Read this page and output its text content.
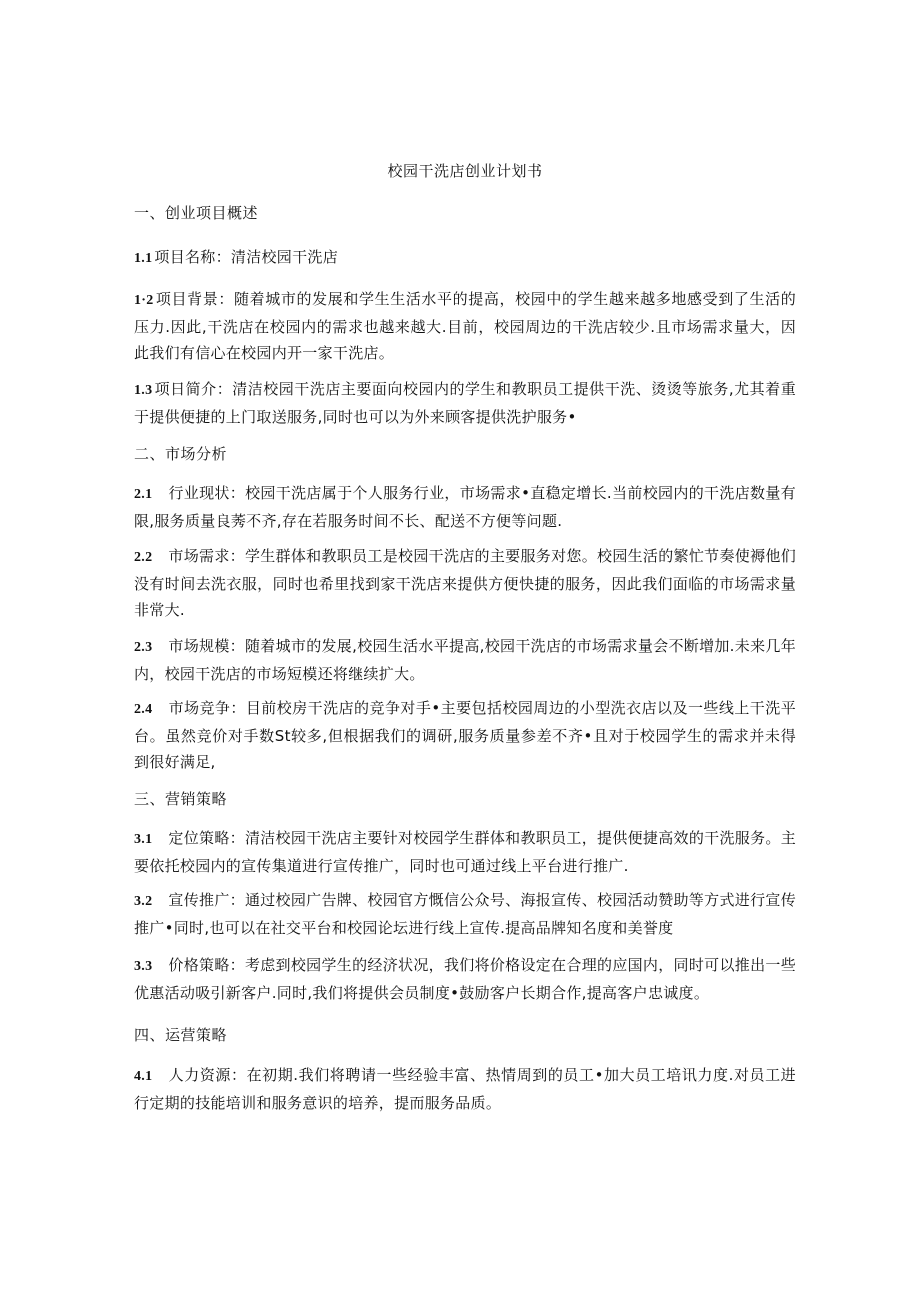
校园干洗店创业计划书
一、创业项目概述
1.1 项目名称：清洁校园干洗店
1·2 项目背景：随着城市的发展和学生生活水平的提高，校园中的学生越来越多地感受到了生活的压力.因此,干洗店在校园内的需求也越来越大.目前，校园周边的干洗店较少.且市场需求量大，因此我们有信心在校园内开一家干洗店。
1.3 项日简介：清洁校园干洗店主要面向校园内的学生和教职员工提供干洗、烫烫等旅务,尤其着重于提供便捷的上门取送服务,同时也可以为外来顾客提供洗护服务•
二、市场分析
2.1 行业现状：校园干洗店属于个人服务行业，市场需求•直稳定增长.当前校园内的干洗店数量有限,服务质量良莠不齐,存在若服务时间不长、配送不方便等问题.
2.2 市场需求：学生群体和教职员工是校园干洗店的主要服务对您。校园生活的繁忙节奏使褥他们没有时间去洗衣服，同时也希里找到家干洗店来提供方便快捷的服务，因此我们面临的市场需求量非常大.
2.3 市场规模：随着城市的发展,校园生活水平提高,校园干洗店的市场需求量会不断增加.未来几年内，校园干洗店的市场短模还将继续扩大。
2.4 市场竞争：目前校房干洗店的竞争对手•主要包括校园周边的小型洗衣店以及一些线上干洗平台。虽然竞价对手数St较多,但根据我们的调研,服务质量参差不齐•且对于校园学生的需求并未得到很好满足,
三、营销策略
3.1 定位策略：清洁校园干洗店主要针对校园学生群体和教职员工，提供便捷高效的干洗服务。主要依托校园内的宣传集道进行宣传推广，同时也可通过线上平台进行推广.
3.2 宣传推广：通过校园广告牌、校园官方慨信公众号、海报宣传、校园活动赞助等方式进行宣传推广•同时,也可以在社交平台和校园论坛进行线上宣传.提高品牌知名度和美誉度
3.3 价格策略：考虑到校园学生的经济状况，我们将价格设定在合理的应国内，同时可以推出一些优惠活动吸引新客户.同时,我们将提供会员制度•鼓励客户长期合作,提高客户忠诚度。
四、运营策略
4.1 人力资源：在初期.我们将聘请一些经验丰富、热情周到的员工•加大员工培讯力度.对员工进行定期的技能培训和服务意识的培养，提而服务品质。
